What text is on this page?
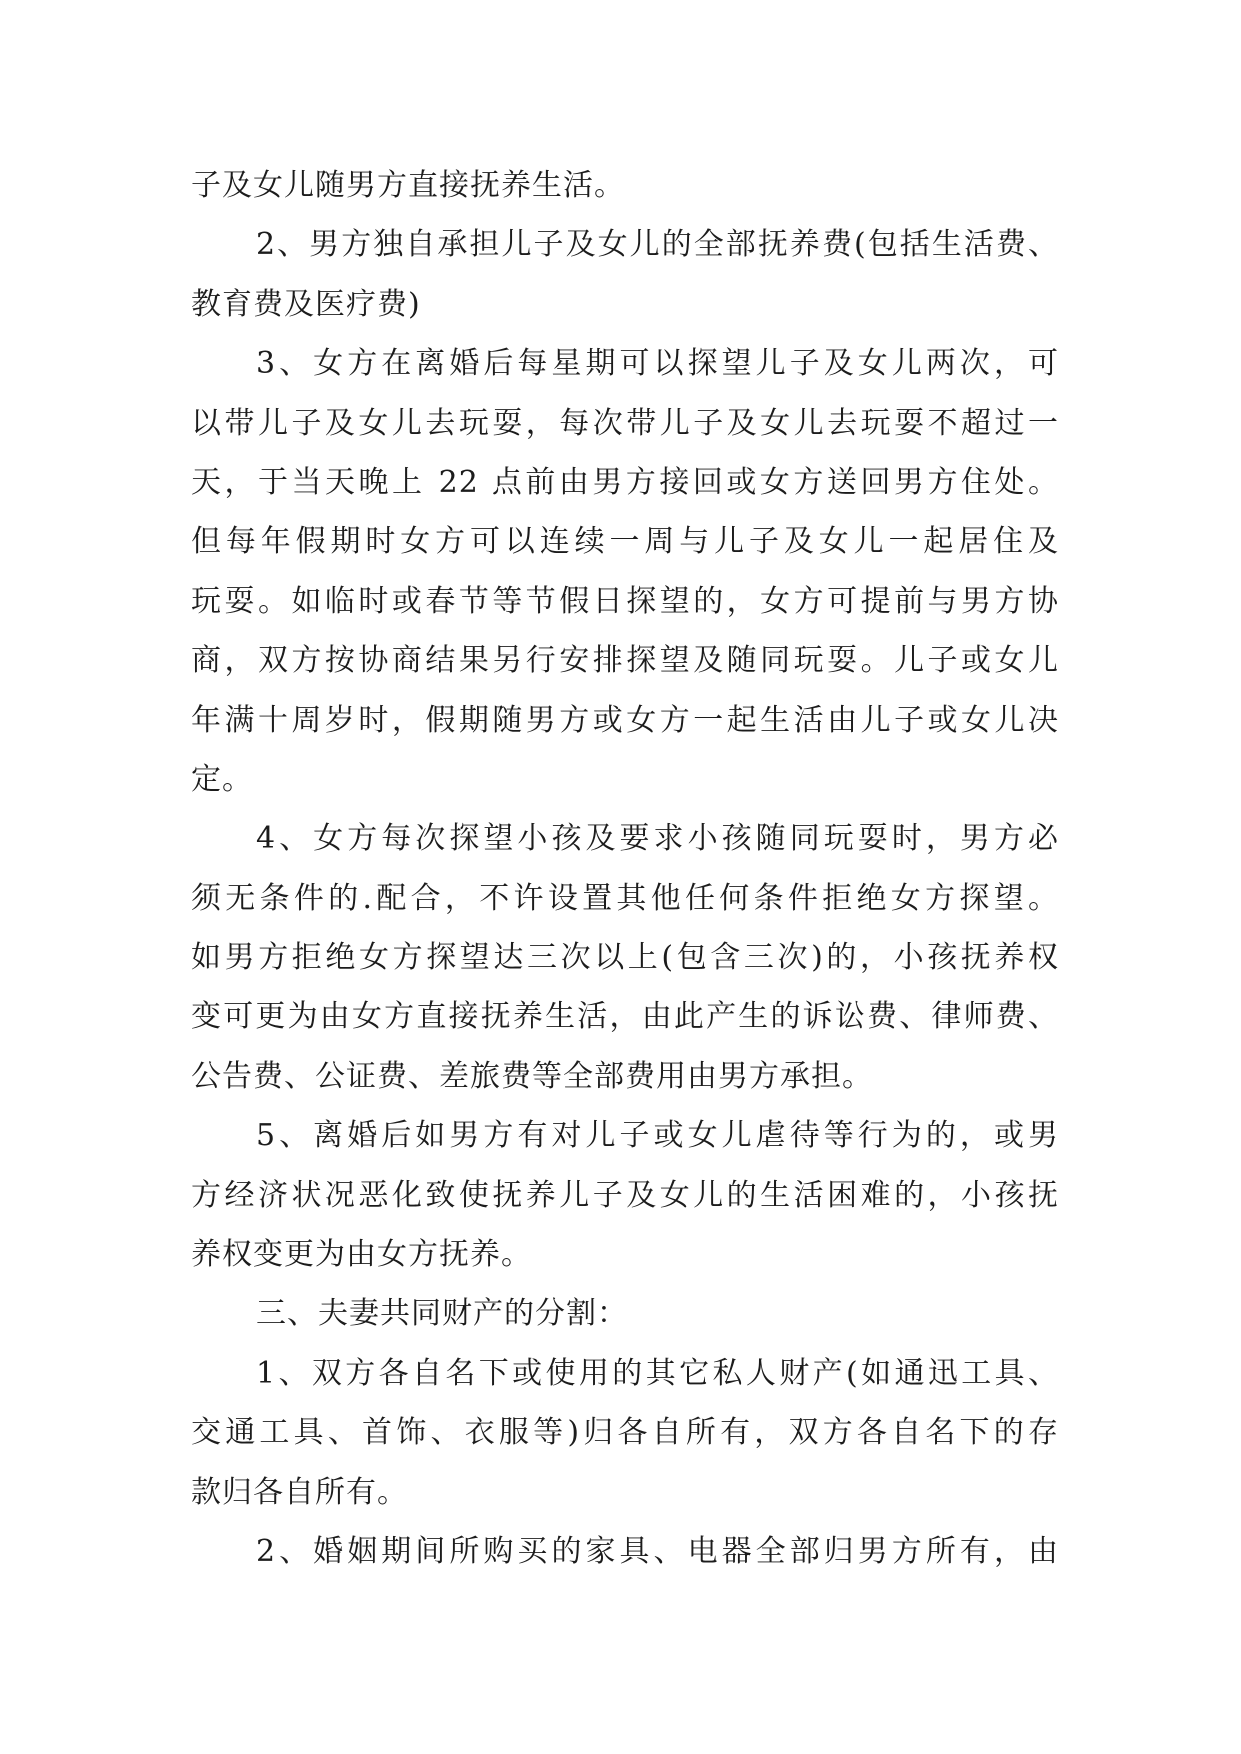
子及女儿随男方直接抚养生活。
2、男方独自承担儿子及女儿的全部抚养费(包括生活费、
教育费及医疗费)
3、女方在离婚后每星期可以探望儿子及女儿两次，可
以带儿子及女儿去玩耍，每次带儿子及女儿去玩耍不超过一
天，于当天晚上 22 点前由男方接回或女方送回男方住处。
但每年假期时女方可以连续一周与儿子及女儿一起居住及
玩耍。如临时或春节等节假日探望的，女方可提前与男方协
商，双方按协商结果另行安排探望及随同玩耍。儿子或女儿
年满十周岁时，假期随男方或女方一起生活由儿子或女儿决
定。
4、女方每次探望小孩及要求小孩随同玩耍时，男方必
须无条件的.配合，不许设置其他任何条件拒绝女方探望。
如男方拒绝女方探望达三次以上(包含三次)的，小孩抚养权
变可更为由女方直接抚养生活，由此产生的诉讼费、律师费、
公告费、公证费、差旅费等全部费用由男方承担。
5、离婚后如男方有对儿子或女儿虐待等行为的，或男
方经济状况恶化致使抚养儿子及女儿的生活困难的，小孩抚
养权变更为由女方抚养。
三、夫妻共同财产的分割：
1、双方各自名下或使用的其它私人财产(如通迅工具、
交通工具、首饰、衣服等)归各自所有，双方各自名下的存
款归各自所有。
2、婚姻期间所购买的家具、电器全部归男方所有，由
